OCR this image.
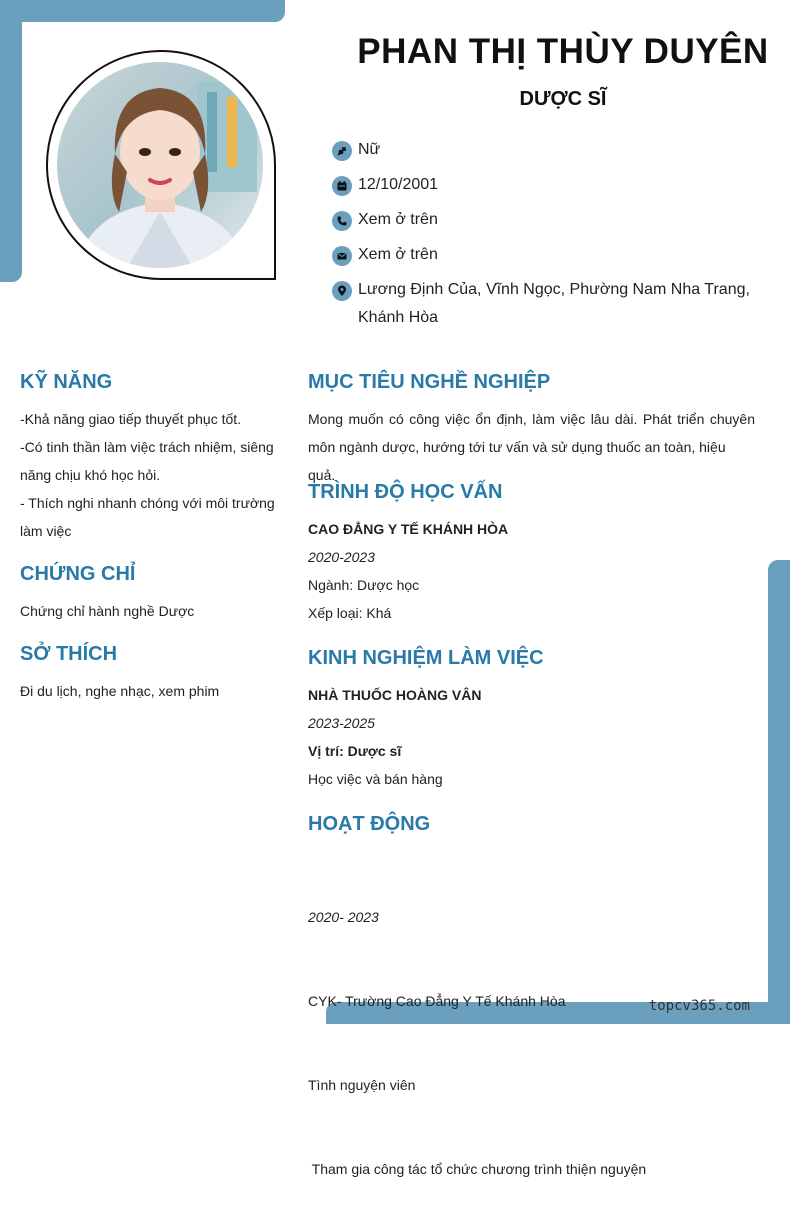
PHAN THỊ THÙY DUYÊN
DƯỢC SĨ
Nữ
12/10/2001
Xem ở trên
Xem ở trên
Lương Định Của, Vĩnh Ngọc, Phường Nam Nha Trang,
Khánh Hòa
KỸ NĂNG
-Khả năng giao tiếp thuyết phục tốt.
-Có tinh thần làm việc trách nhiệm, siêng
năng chịu khó học hỏi.
- Thích nghi nhanh chóng với môi trường
làm việc
CHỨNG CHỈ
Chứng chỉ hành nghề Dược
SỞ THÍCH
Đi du lịch, nghe nhạc, xem phim
MỤC TIÊU NGHỀ NGHIỆP
Mong muốn có công việc ổn định, làm việc lâu dài. Phát triển chuyên
môn ngành dược, hướng tới tư vấn và sử dụng thuốc an toàn, hiệu quả.
TRÌNH ĐỘ HỌC VẤN
CAO ĐẲNG Y TẾ KHÁNH HÒA
2020-2023
Ngành: Dược học
Xếp loại: Khá
KINH NGHIỆM LÀM VIỆC
NHÀ THUỐC HOÀNG VÂN
2023-2025
Vị trí: Dược sĩ
Học việc và bán hàng
HOẠT ĐỘNG

2020- 2023

CYK- Trường Cao Đẳng Y Tế Khánh Hòa

Tình nguyện viên

Tham gia công tác tổ chức chương trình thiện nguyện

topcv365.com
